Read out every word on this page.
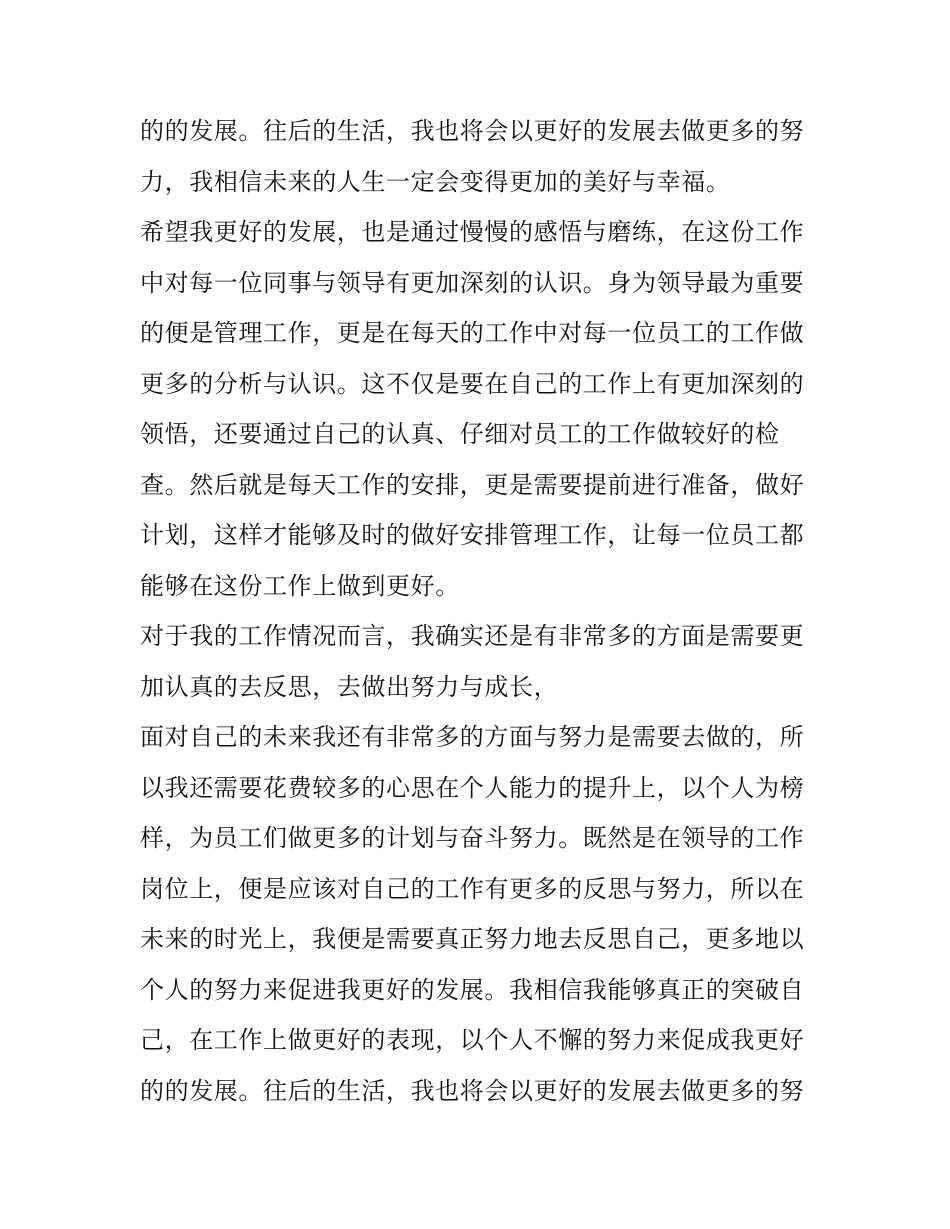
的的发展。往后的生活，我也将会以更好的发展去做更多的努
力，我相信未来的人生一定会变得更加的美好与幸福。
希望我更好的发展，也是通过慢慢的感悟与磨练，在这份工作
中对每一位同事与领导有更加深刻的认识。身为领导最为重要
的便是管理工作，更是在每天的工作中对每一位员工的工作做
更多的分析与认识。这不仅是要在自己的工作上有更加深刻的
领悟，还要通过自己的认真、仔细对员工的工作做较好的检
查。然后就是每天工作的安排，更是需要提前进行准备，做好
计划，这样才能够及时的做好安排管理工作，让每一位员工都
能够在这份工作上做到更好。
对于我的工作情况而言，我确实还是有非常多的方面是需要更
加认真的去反思，去做出努力与成长，
面对自己的未来我还有非常多的方面与努力是需要去做的，所
以我还需要花费较多的心思在个人能力的提升上，以个人为榜
样，为员工们做更多的计划与奋斗努力。既然是在领导的工作
岗位上，便是应该对自己的工作有更多的反思与努力，所以在
未来的时光上，我便是需要真正努力地去反思自己，更多地以
个人的努力来促进我更好的发展。我相信我能够真正的突破自
己，在工作上做更好的表现，以个人不懈的努力来促成我更好
的的发展。往后的生活，我也将会以更好的发展去做更多的努
